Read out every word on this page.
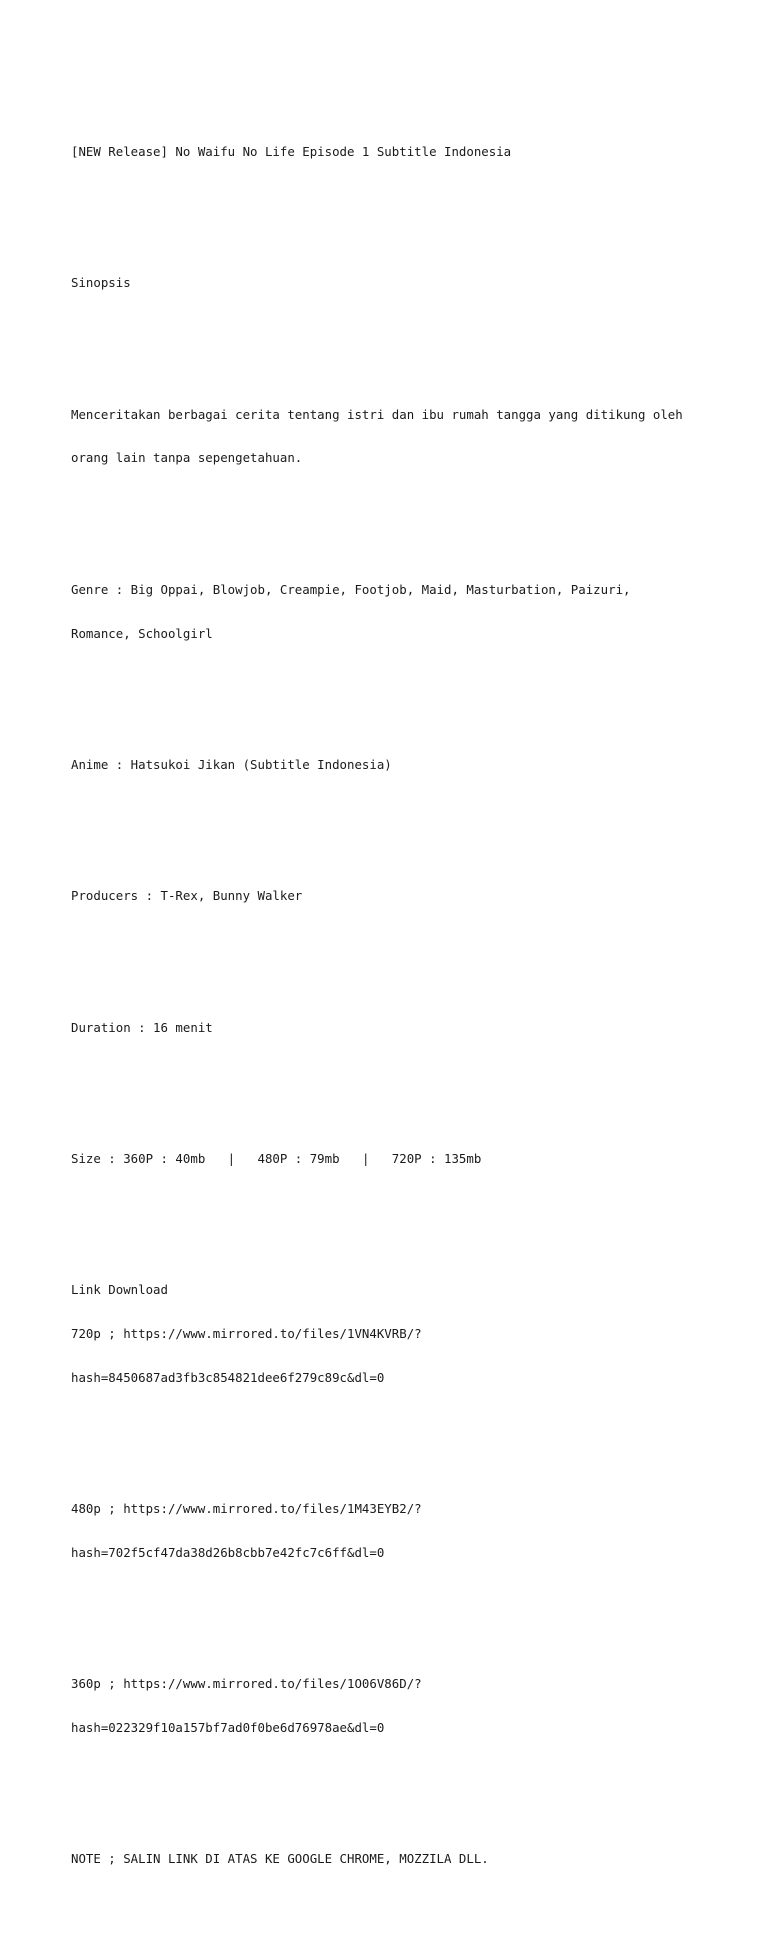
[NEW Release] No Waifu No Life Episode 1 Subtitle Indonesia

Sinopsis

Menceritakan berbagai cerita tentang istri dan ibu rumah tangga yang ditikung oleh

orang lain tanpa sepengetahuan.

Genre : Big Oppai, Blowjob, Creampie, Footjob, Maid, Masturbation, Paizuri,

Romance, Schoolgirl

Anime : Hatsukoi Jikan (Subtitle Indonesia)

Producers : T-Rex, Bunny Walker

Duration : 16 menit

Size : 360P : 40mb   |   480P : 79mb   |   720P : 135mb

Link Download

720p ; https://www.mirrored.to/files/1VN4KVRB/?

hash=8450687ad3fb3c854821dee6f279c89c&dl=0

480p ; https://www.mirrored.to/files/1M43EYB2/?

hash=702f5cf47da38d26b8cbb7e42fc7c6ff&dl=0

360p ; https://www.mirrored.to/files/1O06V86D/?

hash=022329f10a157bf7ad0f0be6d76978ae&dl=0

NOTE ; SALIN LINK DI ATAS KE GOOGLE CHROME, MOZZILA DLL.
